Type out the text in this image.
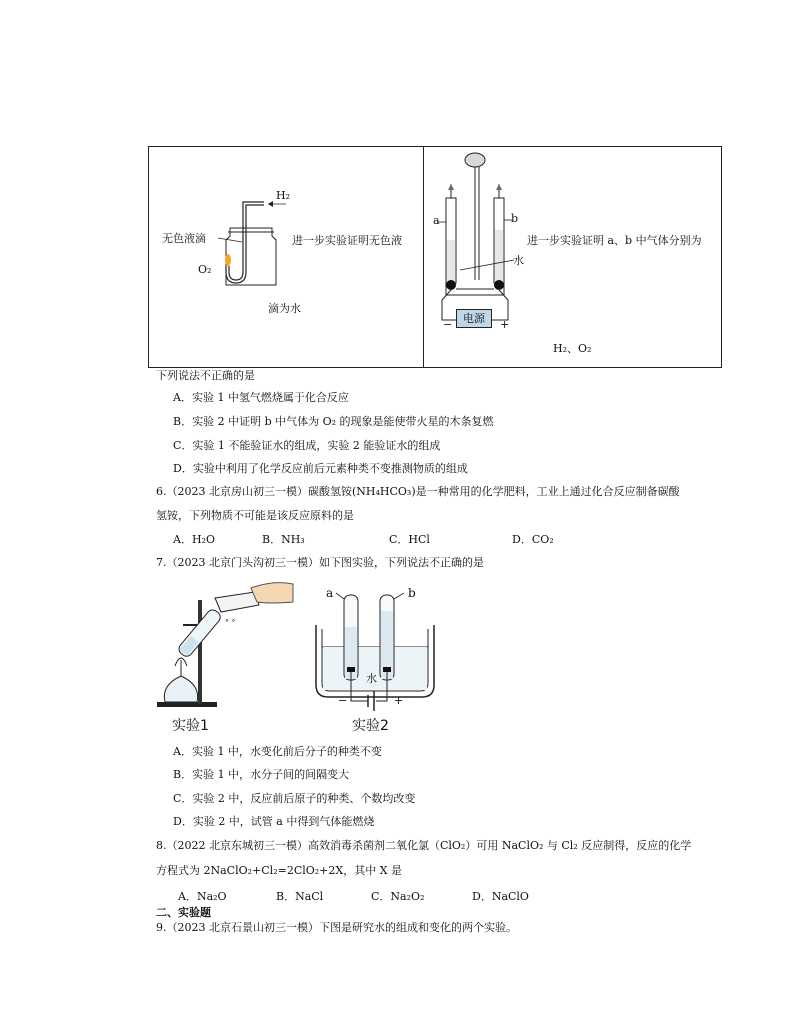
H₂
无色液滴
O₂
进一步实验证明无色液
滴为水
电源
a	b
水
−	+
进一步实验证明 a、b 中气体分别为
H₂、O₂
下列说法不正确的是
A．实验 1 中氢气燃烧属于化合反应
B．实验 2 中证明 b 中气体为 O₂ 的现象是能使带火星的木条复燃
C．实验 1 不能验证水的组成，实验 2 能验证水的组成
D．实验中利用了化学反应前后元素种类不变推测物质的组成
6.（2023 北京房山初三一模）碳酸氢铵(NH₄HCO₃)是一种常用的化学肥料，工业上通过化合反应制备碳酸
氢铵，下列物质不可能是该反应原料的是
A．H₂O	B．NH₃	C．HCl	D．CO₂
7.（2023 北京门头沟初三一模）如下图实验，下列说法不正确的是
° °
实验1
a	b
水
−	+
实验2
A．实验 1 中，水变化前后分子的种类不变
B．实验 1 中，水分子间的间隔变大
C．实验 2 中，反应前后原子的种类、个数均改变
D．实验 2 中，试管 a 中得到气体能燃烧
8.（2022 北京东城初三一模）高效消毒杀菌剂二氧化氯（ClO₂）可用 NaClO₂ 与 Cl₂ 反应制得，反应的化学
方程式为 2NaClO₂+Cl₂=2ClO₂+2X，其中 X 是
A．Na₂O	B．NaCl	C．Na₂O₂	D．NaClO
二、实验题
9.（2023 北京石景山初三一模）下图是研究水的组成和变化的两个实验。
